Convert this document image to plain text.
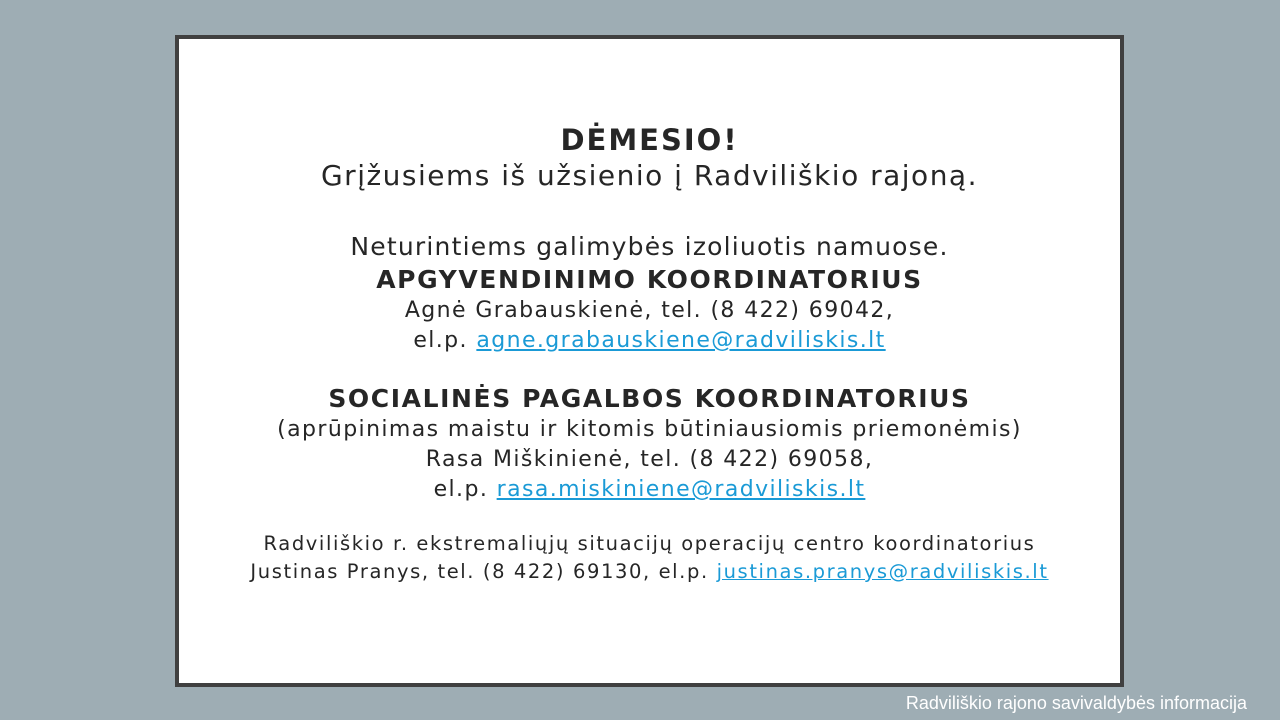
DĖMESIO!
Grįžusiems iš užsienio į Radviliškio rajoną.
Neturintiems galimybės izoliuotis namuose.
APGYVENDINIMO KOORDINATORIUS
Agnė Grabauskienė, tel. (8 422) 69042,
el.p. agne.grabauskiene@radviliskis.lt
SOCIALINĖS PAGALBOS KOORDINATORIUS
(aprūpinimas maistu ir kitomis būtiniausiomis priemonėmis)
Rasa Miškinienė, tel. (8 422) 69058,
el.p. rasa.miskiniene@radviliskis.lt
Radviliškio r. ekstremaliųjų situacijų operacijų centro koordinatorius
Justinas Pranys, tel. (8 422) 69130, el.p. justinas.pranys@radviliskis.lt
Radviliškio rajono savivaldybės informacija
